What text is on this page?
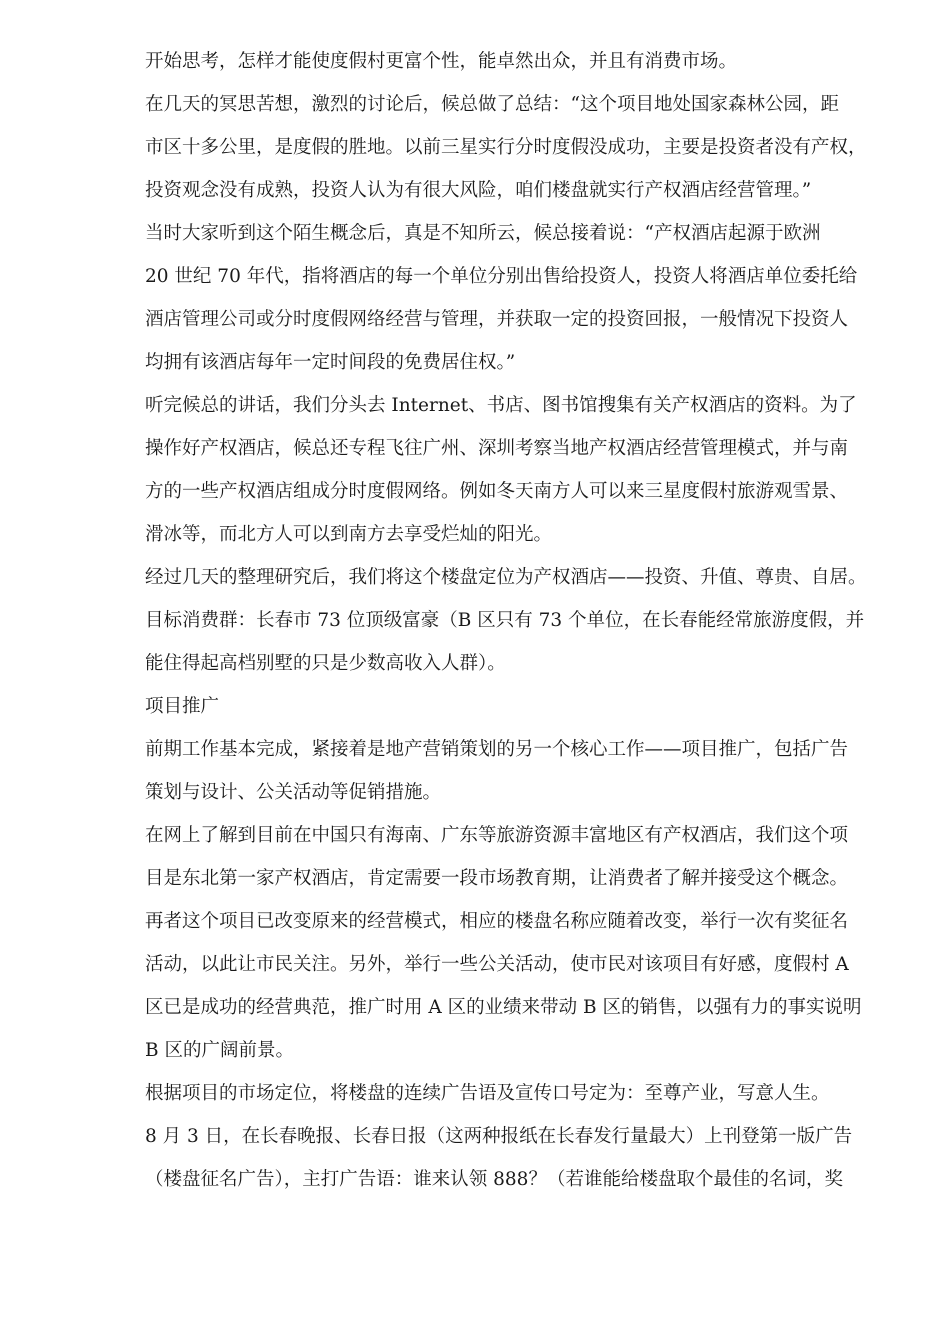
开始思考，怎样才能使度假村更富个性，能卓然出众，并且有消费市场。
在几天的冥思苦想，激烈的讨论后，候总做了总结：“这个项目地处国家森林公园，距
市区十多公里，是度假的胜地。以前三星实行分时度假没成功，主要是投资者没有产权，
投资观念没有成熟，投资人认为有很大风险，咱们楼盘就实行产权酒店经营管理。”
当时大家听到这个陌生概念后，真是不知所云，候总接着说：“产权酒店起源于欧洲
20 世纪 70 年代，指将酒店的每一个单位分别出售给投资人，投资人将酒店单位委托给
酒店管理公司或分时度假网络经营与管理，并获取一定的投资回报，一般情况下投资人
均拥有该酒店每年一定时间段的免费居住权。”
听完候总的讲话，我们分头去 Internet、书店、图书馆搜集有关产权酒店的资料。为了
操作好产权酒店，候总还专程飞往广州、深圳考察当地产权酒店经营管理模式，并与南
方的一些产权酒店组成分时度假网络。例如冬天南方人可以来三星度假村旅游观雪景、
滑冰等，而北方人可以到南方去享受烂灿的阳光。
经过几天的整理研究后，我们将这个楼盘定位为产权酒店——投资、升值、尊贵、自居。
目标消费群：长春市 73 位顶级富豪（B 区只有 73 个单位，在长春能经常旅游度假，并
能住得起高档别墅的只是少数高收入人群）。
项目推广
前期工作基本完成，紧接着是地产营销策划的另一个核心工作——项目推广，包括广告
策划与设计、公关活动等促销措施。
在网上了解到目前在中国只有海南、广东等旅游资源丰富地区有产权酒店，我们这个项
目是东北第一家产权酒店，肯定需要一段市场教育期，让消费者了解并接受这个概念。
再者这个项目已改变原来的经营模式，相应的楼盘名称应随着改变，举行一次有奖征名
活动，以此让市民关注。另外，举行一些公关活动，使市民对该项目有好感，度假村 A
区已是成功的经营典范，推广时用 A 区的业绩来带动 B 区的销售，以强有力的事实说明
B 区的广阔前景。
根据项目的市场定位，将楼盘的连续广告语及宣传口号定为：至尊产业，写意人生。
8 月 3 日，在长春晚报、长春日报（这两种报纸在长春发行量最大）上刊登第一版广告
（楼盘征名广告），主打广告语：谁来认领 888？（若谁能给楼盘取个最佳的名词，奖
